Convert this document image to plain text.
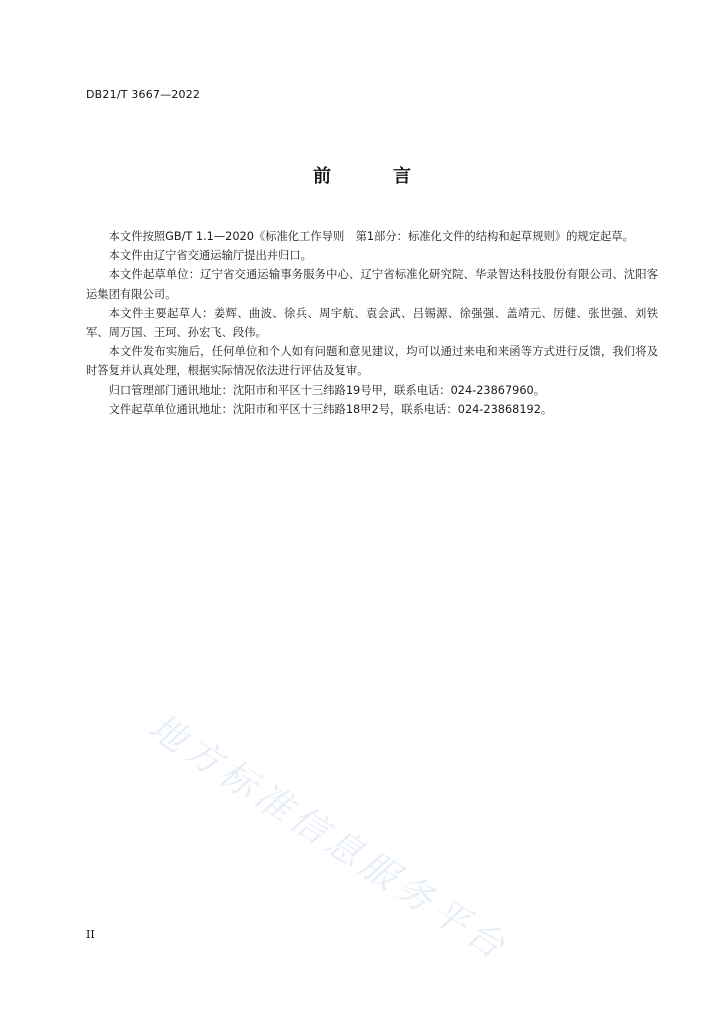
DB21/T 3667—2022
前　言

本文件按照GB/T 1.1—2020《标准化工作导则　第1部分：标准化文件的结构和起草规则》的规定起草。

本文件由辽宁省交通运输厅提出并归口。

本文件起草单位：辽宁省交通运输事务服务中心、辽宁省标准化研究院、华录智达科技股份有限公司、沈阳客运集团有限公司。

本文件主要起草人：姜辉、曲波、徐兵、周宇航、袁会武、吕锡源、徐强强、盖靖元、厉健、张世强、刘铁军、周万国、王珂、孙宏飞、段伟。

本文件发布实施后，任何单位和个人如有问题和意见建议，均可以通过来电和来函等方式进行反馈，我们将及时答复并认真处理，根据实际情况依法进行评估及复审。

归口管理部门通讯地址：沈阳市和平区十三纬路19号甲，联系电话：024-23867960。

文件起草单位通讯地址：沈阳市和平区十三纬路18甲2号，联系电话：024-23868192。

地方标准信息服务平台
II
